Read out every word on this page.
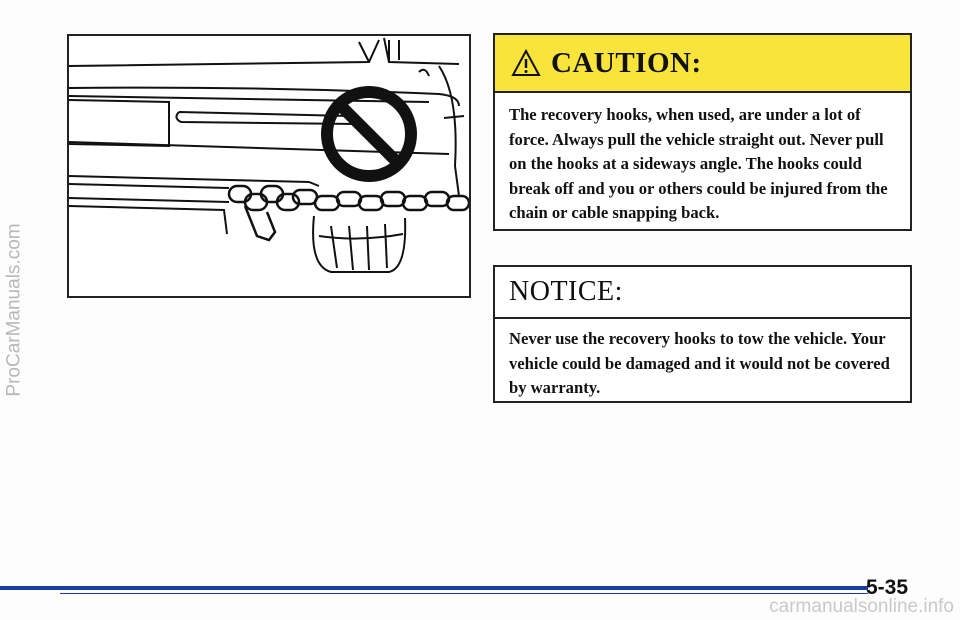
ProCarManuals.com
CAUTION:
The recovery hooks, when used, are under a lot of force. Always pull the vehicle straight out. Never pull on the hooks at a sideways angle. The hooks could break off and you or others could be injured from the chain or cable snapping back.
NOTICE:
Never use the recovery hooks to tow the vehicle. Your vehicle could be damaged and it would not be covered by warranty.
5-35
carmanualsonline.info
